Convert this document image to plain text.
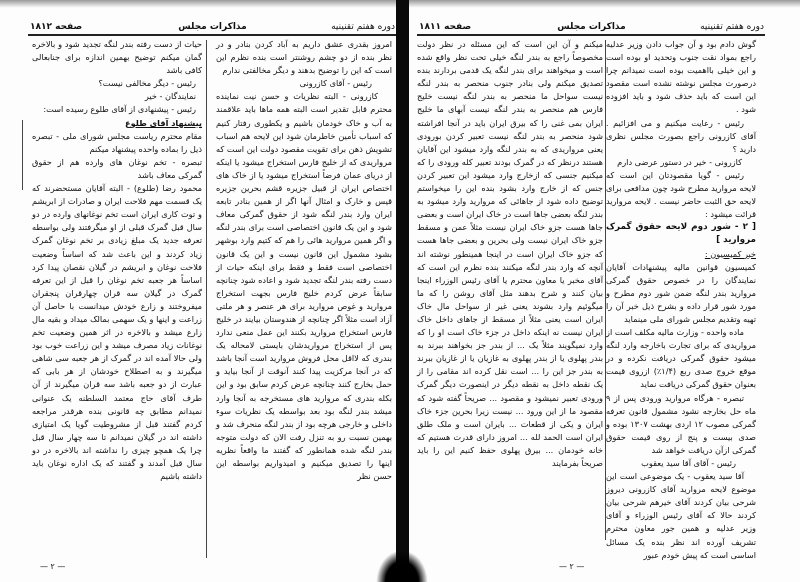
دوره هفتم تقنینیه
مذاکرات مجلس
صفحه ۱۸۱۲

امروز بقدری عشق داریم به آباد کردن بنادر و در نظر بنده از دو چشم روشنتر است بنده نظرم این است که این را توضیح بدهند و دیگر مخالفتی ندارم

رئیس - آقای کازرونی

کازرونی - البته نظریات و حسن نیت نماینده محترم قابل تقدیر است البته همه ماها باید علاقمند به آب و خاک خودمان باشیم و یکطوری رفتار کنیم که اسباب تأمین خاطرمان شود این لایحه هم اسباب تشویش ذهن برای تقویت مقصود دولت این است که مرواریدی که از خلیج فارس استخراج میشود یا اینکه از دریای عمان فرضاً استخراج میشود یا از خاک های اختصاص ایران از قبیل جزیره قشم بحرین جزیره قیس و خارک و امثال آنها اگر از همین بنادر تابعه ایران وارد بندر لنگه شود از حقوق گمرکی معاف شود و این یک قانون اختصاصی است برای بندر لنگه و اگر همین مروارید هائی را هم که کتیم وارد بوشهر بشود مشمول این قانون نیست و این یک قانون اختصاصی است فقط و فقط برای اینکه حیات از دست رفته بندر لنگه تجدید شود و اعاده شود چنانچه سابقاً عرض کردم خلیج فارس بجهت استخراج مروارید و غوص مروارید برای هر عنصر و هر ملتی آزاد است مثلاً اگر چنانچه از هندوستان بیایند در خلیج فارس استخراج مروارید بکنند این عمل منعی ندارد پس از استخراج مرواریدشان بایستی لامحاله یک بندری که لااقل محل فروش مروارید است آنجا باشد که در آنجا مرکزیت پیدا کنند آنوقت از آنجا بیاید و حمل بخارج کنند چنانچه عرض کردم سابق بود و این بکله بندری که مروارید های مستخرجه به آنجا وارد میشد بندر لنگه بود بعد بواسطه یک نظریات سوء داخلی و خارجی هرچه بود از بندر لنگه منحرف شد و بهمین نسبت رو به تنزل رفت الان که دولت متوجه بندر لنگه شده همانطور که گفتند ما واقعاً نظریه اینها را تصدیق میکنیم و امیدواریم بواسطه این حسن نظر

حیات از دست رفته بندر لنگه تجدید شود و بالاخره گمان میکنم توضیح بهمین اندازه برای جنابعالی کافی باشد

رئیس - دیگر مخالفی نیست؟

نمایندگان - خیر

رئیس - پیشنهادی از آقای طلوع رسیده است:

پیشنهاد آقای طلوع

مقام محترم ریاست مجلس شورای ملی - تبصره ذیل را بماده واحده پیشنهاد میکنم

تبصره - تخم نوغان های وارده هم از حقوق گمرکی معاف باشد

محمود رضا (طلوع) - البته آقایان مستحضرند که یک قسمت مهم فلاحت ایران و صادرات از ابریشم و توت کاری ایران است تخم نوغانهای وارده در دو سال قبل گمرک قبلی از او میگرفتند ولی بواسطه تعرفه جدید یک مبلغ زیادی بر تخم نوغان گمرک زیاد کردند و این باعث شد که اساساً وضعیت فلاحت نوغان و ابریشم در گیلان نقصان پیدا کرد اساساً هر جعبه تخم نوغان را قبل از این تعرفه گمرک در گیلان سه قران چهارقران پنجقران میفروختند و زارع خودش میدانست با حاصل آن زراعت و اینها و یک سهمی بمالک میداد و بقیه مال زارع میشد و بالاخره در اثر همین وضعیت تخم نوغانات زیاد مصرف میشد و این زراعت خوب بود ولی حالا آمده اند در گمرک از هر جعبه سی شاهی میگیرند و به اصطلاح خودشان از هر بابی که عبارت از دو جعبه باشد سه قران میگیرند از آن طرف آقای حاج معتمد السلطنه یک عنوانی نمیدانم مطابق چه قانونی بنده هرقدر مراجعه کردم گفتند قبل از مشروطیت گویا یک امتیازی داشته اند در گیلان نمیدانم تا سه چهار سال قبل چرا یک همچو چیزی را نداشته اند بالاخره در دو سال قبل آمدند و گفتند که یک اداره نوغان باید داشته باشیم

— ۲ —
دوره هفتم تقنینیه
مذاکرات مجلس
صفحه ۱۸۱۱

گوش دادم بود و آن جواب دادن وزیر عدلیه راجع بمواد نقت جنوب وتحدید او بوده است و این خیلی بااهمیت بوده است نمیدانم چرا درصورت مجلس نوشته نشده است مقصود این است که باید حذف شود و باید افزوده شود .

رئیس - رعایت میکنیم و می افزائیم . آقای کازرونی راجع بصورت مجلس نظری دارید ؟

کازرونی - خیر در دستور عرضی دارم

رئیس - گویا مقصودتان این است که لایحه مروارید مطرح شود چون مدافعی برای لایحه حق الثبت حاضر نیست . لایحه مروارید قرائت میشود :

[ ۲ - شور دوم لایحه حقوق گمرک مروارید ]

خبر کمیسیون :

کمیسیون قوانین مالیه پیشنهادات آقایان نمایندگان را در خصوص حقوق گمرکی مروارید بندر لنگه ضمن شور دوم مطرح و مورد شور قرار داده و بشرح ذیل خبر آن را تهیه وتقدیم مجلس شورای ملی مینماید

ماده واحده - وزارت مالیه مکلف است از مرواریدی که برای تجارت باخارجه وارد لنگه میشود حقوق گمرکی دریافت نکرده و در موقع خروج صدی ربع (۱/۴٪) ازروی قیمت بعنوان حقوق گمرکی دریافت نماید

تبصره - هرگاه مروارید ورودی پس از ۹ ماه حل بخارجه نشود مشمول قانون تعرفه گمرکی مصوب ۱۲ اردی بهشت ۱۳۰۷ بوده و صدی بیست و پنج از روی قیمت حقوق گمرکی ازآن دریافت خواهد شد

رئیس - آقای آقا سید یعقوب

آقا سید یعقوب - یک موضوعی است این موضوع لایحه مروارید آقای کازرونی دیروز شرحی بیان کردند آقای خیرهم شرحی بیان کردند حالا که آقای رئیس الوزراء و آقای وزیر عدلیه و همین جور معاون محترم تشریف آورده اند نظر بنده یک مسائل اساسی است که پیش خودم عبور

میکنم و آن این است که این مسئله در نظر دولت مخصوصاً راجع به بندر لنگه خیلی تحت نظر واقع شده است و میخواهند برای بندر لنگه یک قدمی بردارند بنده تصدیق میکنم ولی بنادر جنوب منحصر به بندر لنگه نیست سواحل ما منحصر به بندر لنگه نیست خلیج فارس هم منحصر به بندر لنگه نیست آبهای ما خلیج ایران بمی غنی را که بیرق ایران باید در آنجا افراشته شود منحصر به بندر لنگه نیست تعبیر کردن بورودی یعنی مرواریدی که به بندر لنگه وارد میشود این آقایان هستند درنظر که در گمرک بودند تعبیر کله ورودی را که میکنیم جنسی که ازخارج وارد میشود این تعبیر کردن جنس که از خارج وارد بشود بنده این را میخواستم توضیح داده شود از جاهائی که مروارید وارد میشود به بندر لنگه بعضی جاها است در خاک ایران است و بعضی جاها هست جزو خاک ایران نیست مثلاً عمن و مسقط جزو خاک ایران نیست ولی بحرین و بعضی جاها هست که جزو خاک ایران است در اینجا همینطور نوشته اند آنچه که وارد بندر لنگه میکنند بنده نظرم این است که آقای مخبر یا معاون محترم یا آقای رئیس الوزراء اینجا بیان کنند و شرح بدهند مثل آقای روشن را که ما میگوئیم وارد بشوند یعنی غیر از سواحل مال خاک ایران است یعنی مثلاً از مسقط از جاهای داخل خاک ایران نیست نه اینکه داخل در جزء خاک است او را که وارد نمیگویند مثلاً یک ... از بندر جز بخواهند ببرند به بندر پهلوی یا از بندر پهلوی به غازیان یا از غازیان ببرند به بندر جز این را ... است نقل کرده اند مقامی را از یک نقطه داخل به نقطه دیگر در اینصورت دیگر گمرک ورودی تعبیر نمیشود و مقصود ... صریحاً گفته شود که مقصود ما از این ورود ... نیست زیرا بحرین جزء خاک ایران و یکی از قطعات ... بایران است و ملک طلق ایران است الحمد لله ... امروز دارای قدرت هستیم که خانه خودمان ... بیرق پهلوی حفظ کنیم این را باید صریحاً بفرمایند

— ۲ —
